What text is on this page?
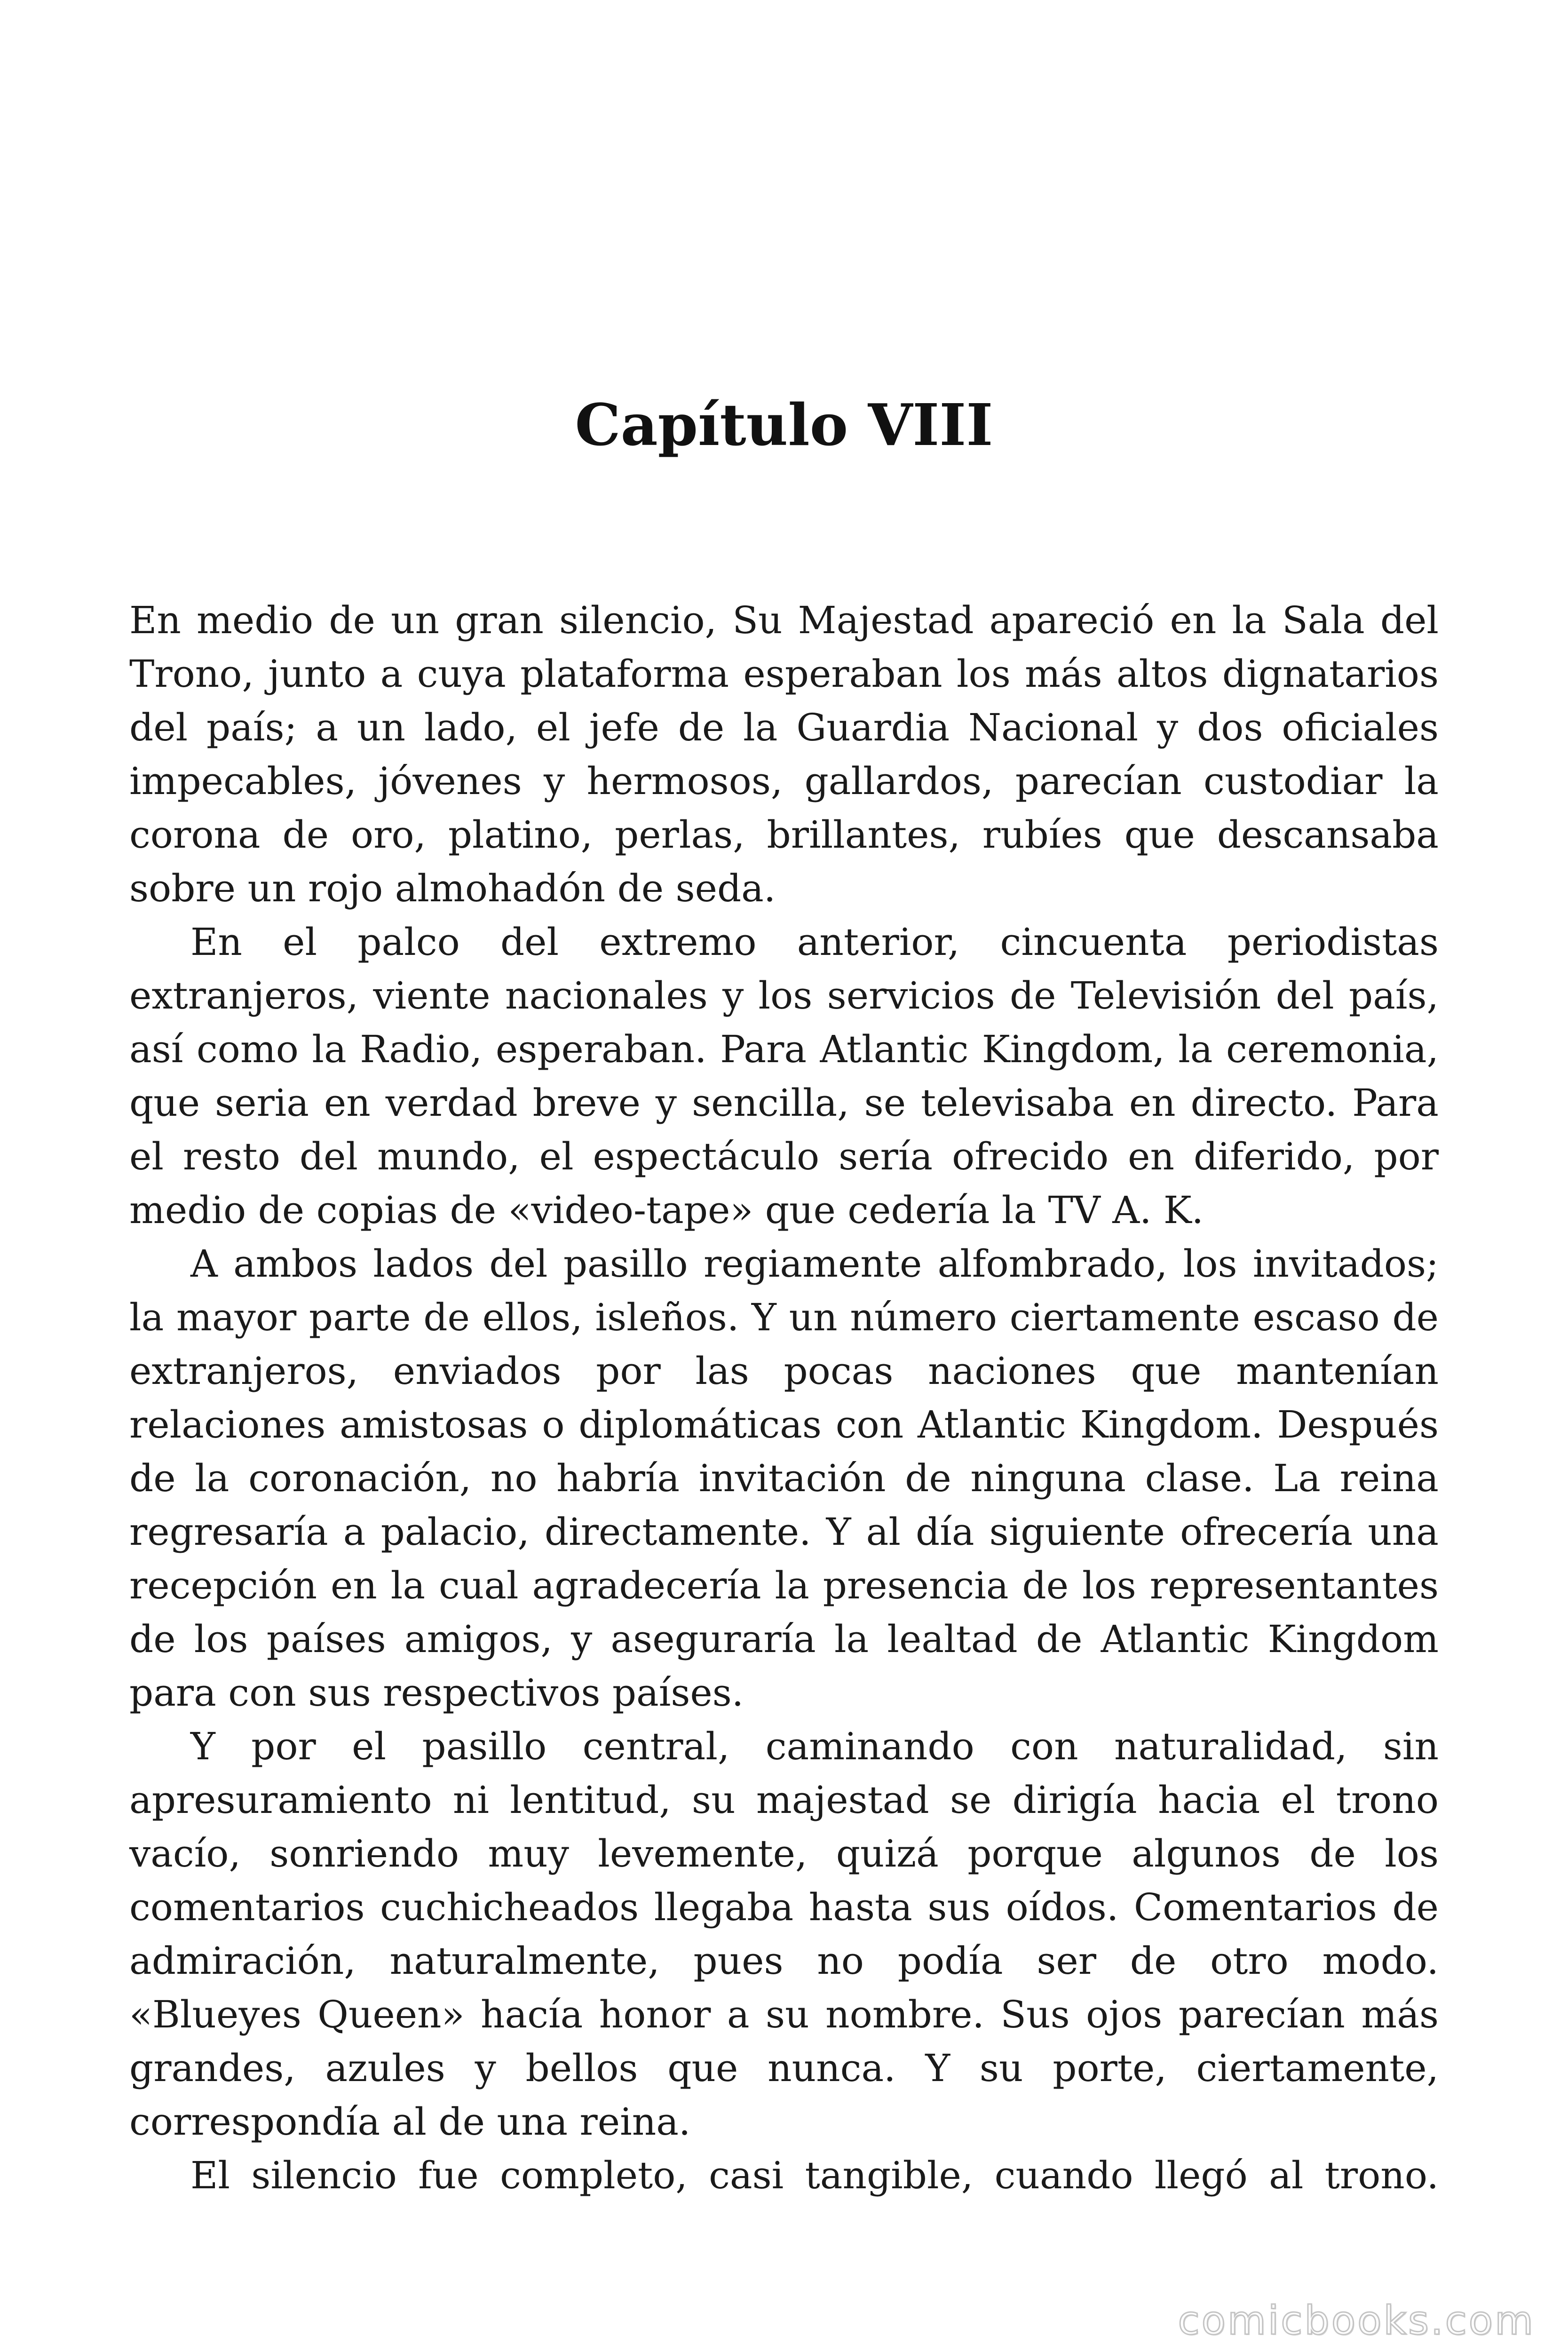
Capítulo VIII

En medio de un gran silencio, Su Majestad apareció en la Sala del Trono, junto a cuya plataforma esperaban los más altos dignatarios del país; a un lado, el jefe de la Guardia Nacional y dos oficiales impecables, jóvenes y hermosos, gallardos, parecían custodiar la corona de oro, platino, perlas, brillantes, rubíes que descansaba sobre un rojo almohadón de seda.

En el palco del extremo anterior, cincuenta periodistas extranjeros, viente nacionales y los servicios de Televisión del país, así como la Radio, esperaban. Para Atlantic Kingdom, la ceremonia, que seria en verdad breve y sencilla, se televisaba en directo. Para el resto del mundo, el espectáculo sería ofrecido en diferido, por medio de copias de «video-tape» que cedería la TV A. K.

A ambos lados del pasillo regiamente alfombrado, los invitados; la mayor parte de ellos, isleños. Y un número ciertamente escaso de extranjeros, enviados por las pocas naciones que mantenían relaciones amistosas o diplomáticas con Atlantic Kingdom. Después de la coronación, no habría invitación de ninguna clase. La reina regresaría a palacio, directamente. Y al día siguiente ofrecería una recepción en la cual agradecería la presencia de los representantes de los países amigos, y aseguraría la lealtad de Atlantic Kingdom para con sus respectivos países.

Y por el pasillo central, caminando con naturalidad, sin apresuramiento ni lentitud, su majestad se dirigía hacia el trono vacío, sonriendo muy levemente, quizá porque algunos de los comentarios cuchicheados llegaba hasta sus oídos. Comentarios de admiración, naturalmente, pues no podía ser de otro modo. «Blueyes Queen» hacía honor a su nombre. Sus ojos parecían más grandes, azules y bellos que nunca. Y su porte, ciertamente, correspondía al de una reina.

El silencio fue completo, casi tangible, cuando llegó al trono.

comicbooks.com
